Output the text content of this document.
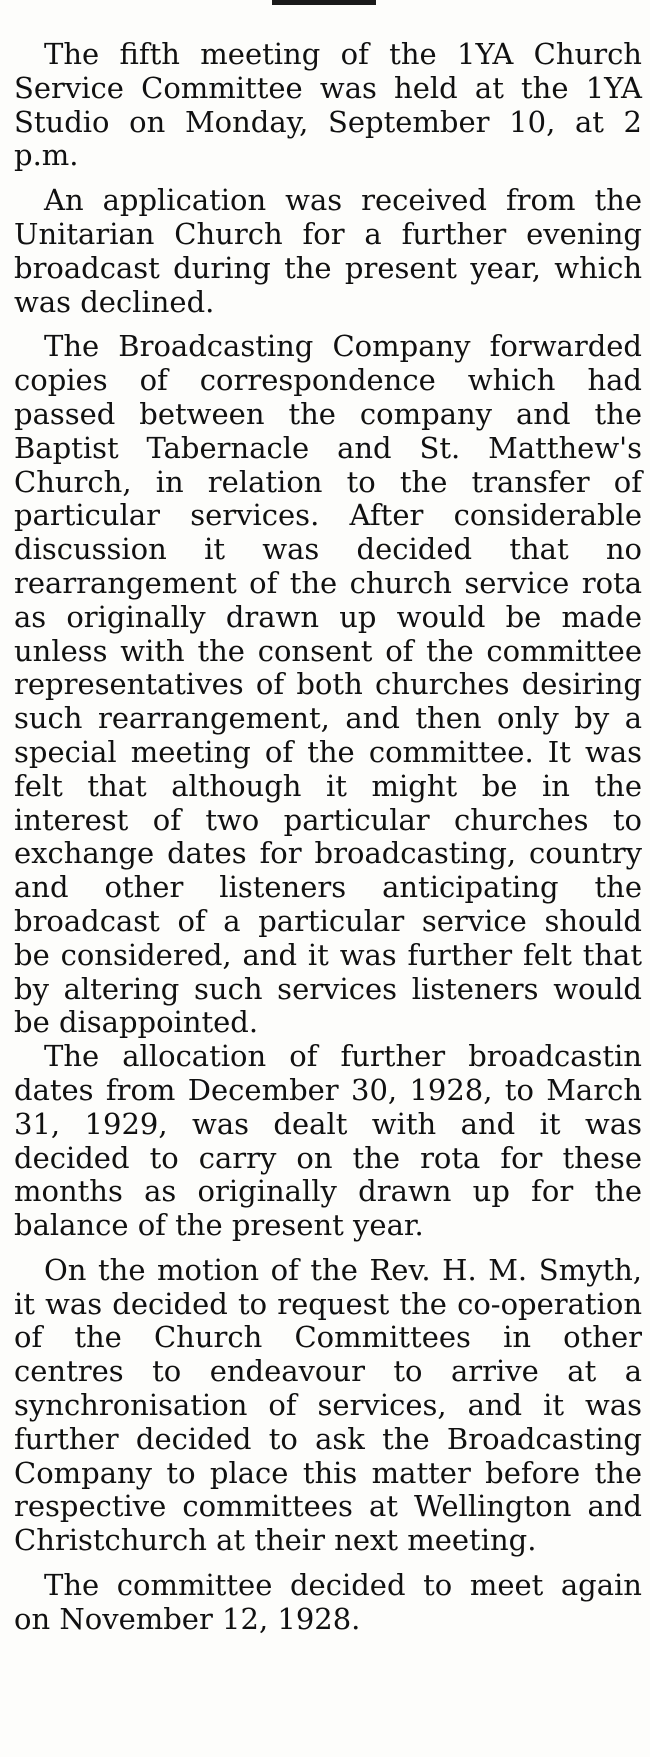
The fifth meeting of the 1YA Church Service Committee was held at the 1YA Studio on Monday, September 10, at 2 p.m.

An application was received from the Unitarian Church for a further evening broadcast during the present year, which was declined.

The Broadcasting Company forwarded copies of correspondence which had passed between the company and the Baptist Tabernacle and St. Matthew's Church, in relation to the transfer of particular services. After considerable discussion it was decided that no rearrangement of the church service rota as originally drawn up would be made unless with the consent of the committee representatives of both churches desiring such rearrangement, and then only by a special meeting of the committee. It was felt that although it might be in the interest of two particular churches to exchange dates for broadcasting, country and other listeners anticipating the broadcast of a particular service should be considered, and it was further felt that by altering such services listeners would be disappointed.

The allocation of further broadcastin dates from December 30, 1928, to March 31, 1929, was dealt with and it was decided to carry on the rota for these months as originally drawn up for the balance of the present year.

On the motion of the Rev. H. M. Smyth, it was decided to request the co-operation of the Church Committees in other centres to endeavour to arrive at a synchronisation of services, and it was further decided to ask the Broadcasting Company to place this matter before the respective committees at Wellington and Christchurch at their next meeting.

The committee decided to meet again on November 12, 1928.
